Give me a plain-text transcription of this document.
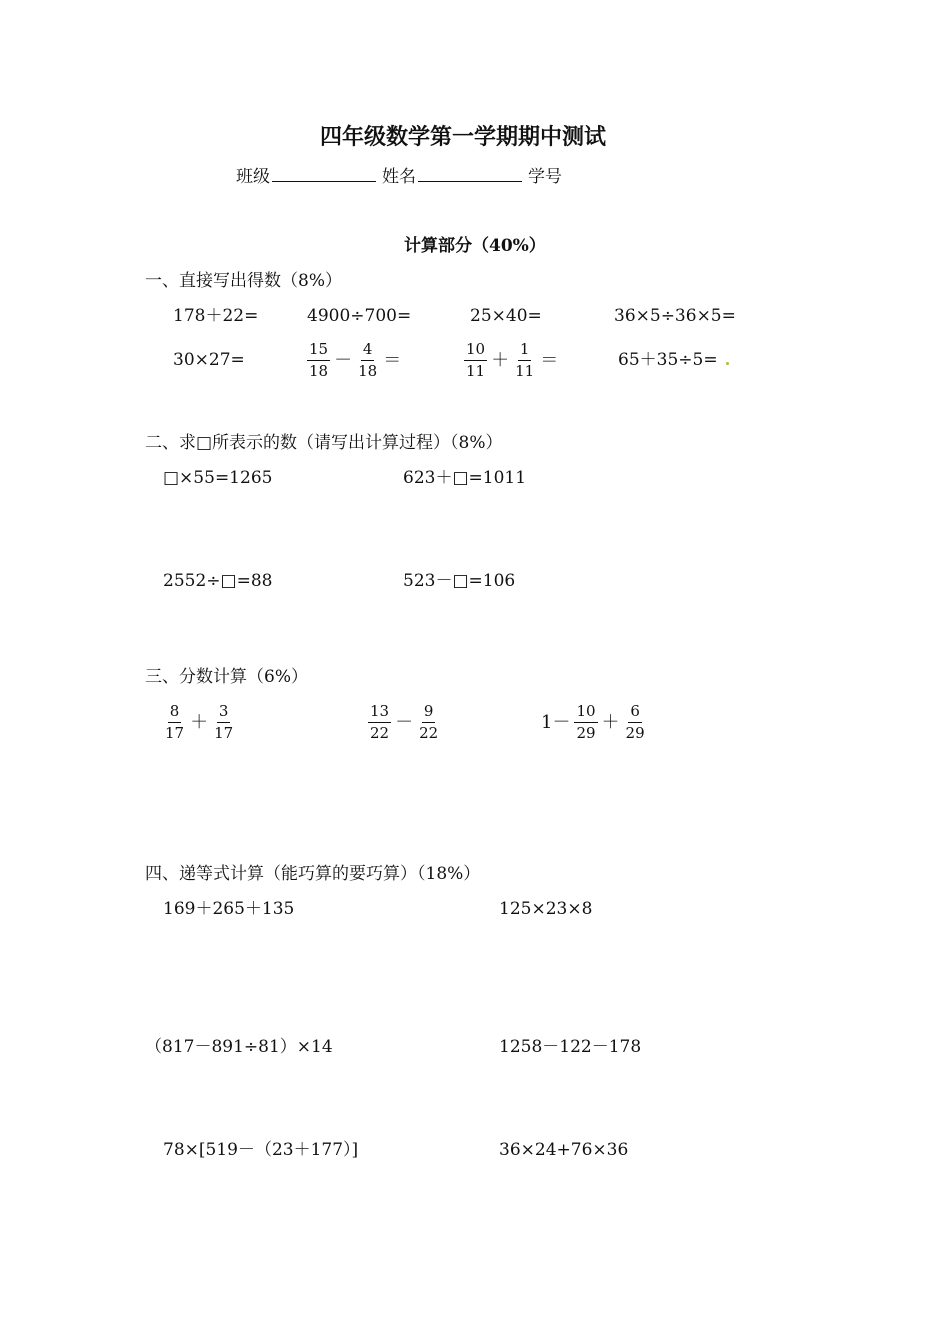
四年级数学第一学期期中测试
班级	姓名	学号
计算部分（40%）
一、直接写出得数（8%）
178＋22=	4900÷700=	25×40=	36×5÷36×5=
30×27=	$\frac{15}{18} - \frac{4}{18}$ ＝	$\frac{10}{11} + \frac{1}{11}$ ＝	65＋35÷5=
二、求□所表示的数（请写出计算过程）（8%）
□×55=1265	623＋□=1011
2552÷□=88	523－□=106
三、分数计算（6%）
$\frac{8}{17} + \frac{3}{17}$	$\frac{13}{22} - \frac{9}{22}$	$1- \frac{10}{29} + \frac{6}{29}$
四、递等式计算（能巧算的要巧算）（18%）
169＋265＋135	125×23×8
（817－891÷81）×14	1258－122－178
78×[519－（23＋177）]	36×24+76×36
